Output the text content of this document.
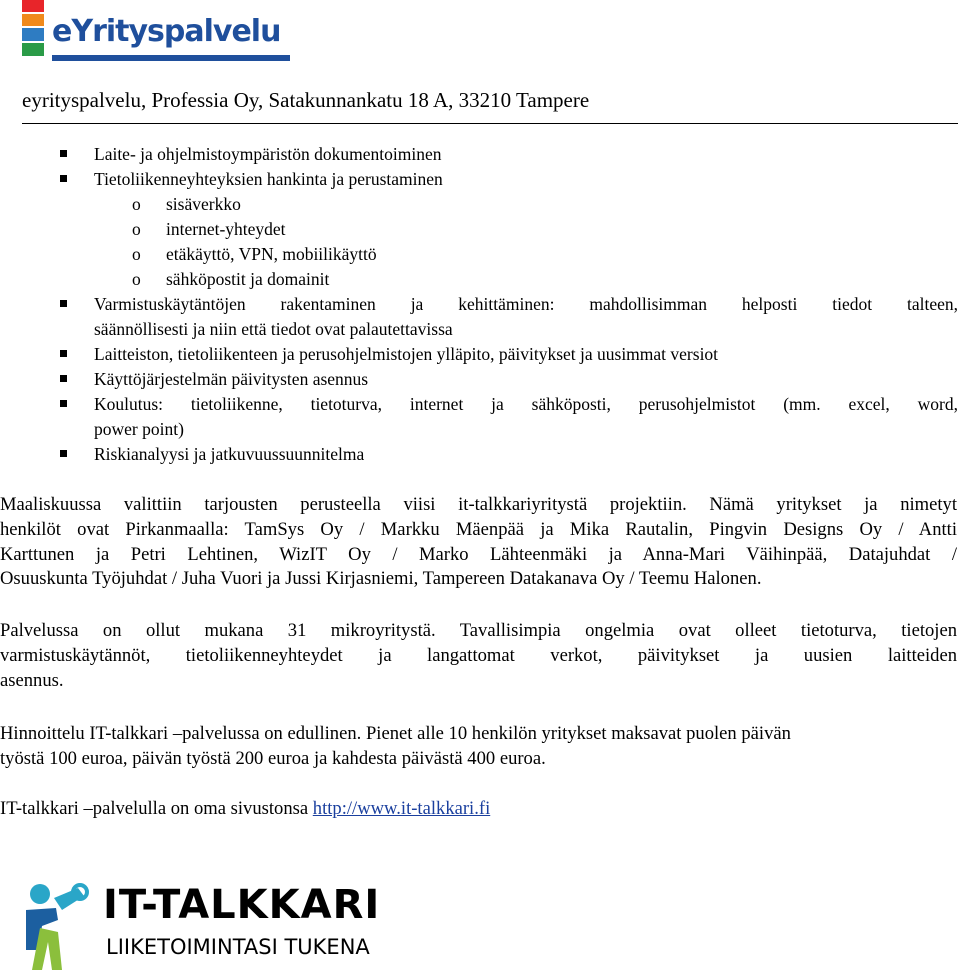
eYrityspalvelu
eyrityspalvelu, Professia Oy, Satakunnankatu 18 A, 33210 Tampere
Laite- ja ohjelmistoympäristön dokumentoiminen
Tietoliikenneyhteyksien hankinta ja perustaminen
o sisäverkko
o internet-yhteydet
o etäkäyttö, VPN, mobiilikäyttö
o sähköpostit ja domainit
Varmistuskäytäntöjen rakentaminen ja kehittäminen: mahdollisimman helposti tiedot talteen,
säännöllisesti ja niin että tiedot ovat palautettavissa
Laitteiston, tietoliikenteen ja perusohjelmistojen ylläpito, päivitykset ja uusimmat versiot
Käyttöjärjestelmän päivitysten asennus
Koulutus: tietoliikenne, tietoturva, internet ja sähköposti, perusohjelmistot (mm. excel, word,
power point)
Riskianalyysi ja jatkuvuussuunnitelma
Maaliskuussa valittiin tarjousten perusteella viisi it-talkkariyritystä projektiin. Nämä yritykset ja nimetyt
henkilöt ovat Pirkanmaalla: TamSys Oy / Markku Mäenpää ja Mika Rautalin, Pingvin Designs Oy / Antti
Karttunen ja Petri Lehtinen, WizIT Oy / Marko Lähteenmäki ja Anna-Mari Väihinpää, Datajuhdat /
Osuuskunta Työjuhdat / Juha Vuori ja Jussi Kirjasniemi, Tampereen Datakanava Oy / Teemu Halonen.
Palvelussa on ollut mukana 31 mikroyritystä. Tavallisimpia ongelmia ovat olleet tietoturva, tietojen
varmistuskäytännöt, tietoliikenneyhteydet ja langattomat verkot, päivitykset ja uusien laitteiden
asennus.
Hinnoittelu IT-talkkari –palvelussa on edullinen. Pienet alle 10 henkilön yritykset maksavat puolen päivän
työstä 100 euroa, päivän työstä 200 euroa ja kahdesta päivästä 400 euroa.
IT-talkkari –palvelulla on oma sivustonsa http://www.it-talkkari.fi
IT-TALKKARI
LIIKETOIMINTASI TUKENA
